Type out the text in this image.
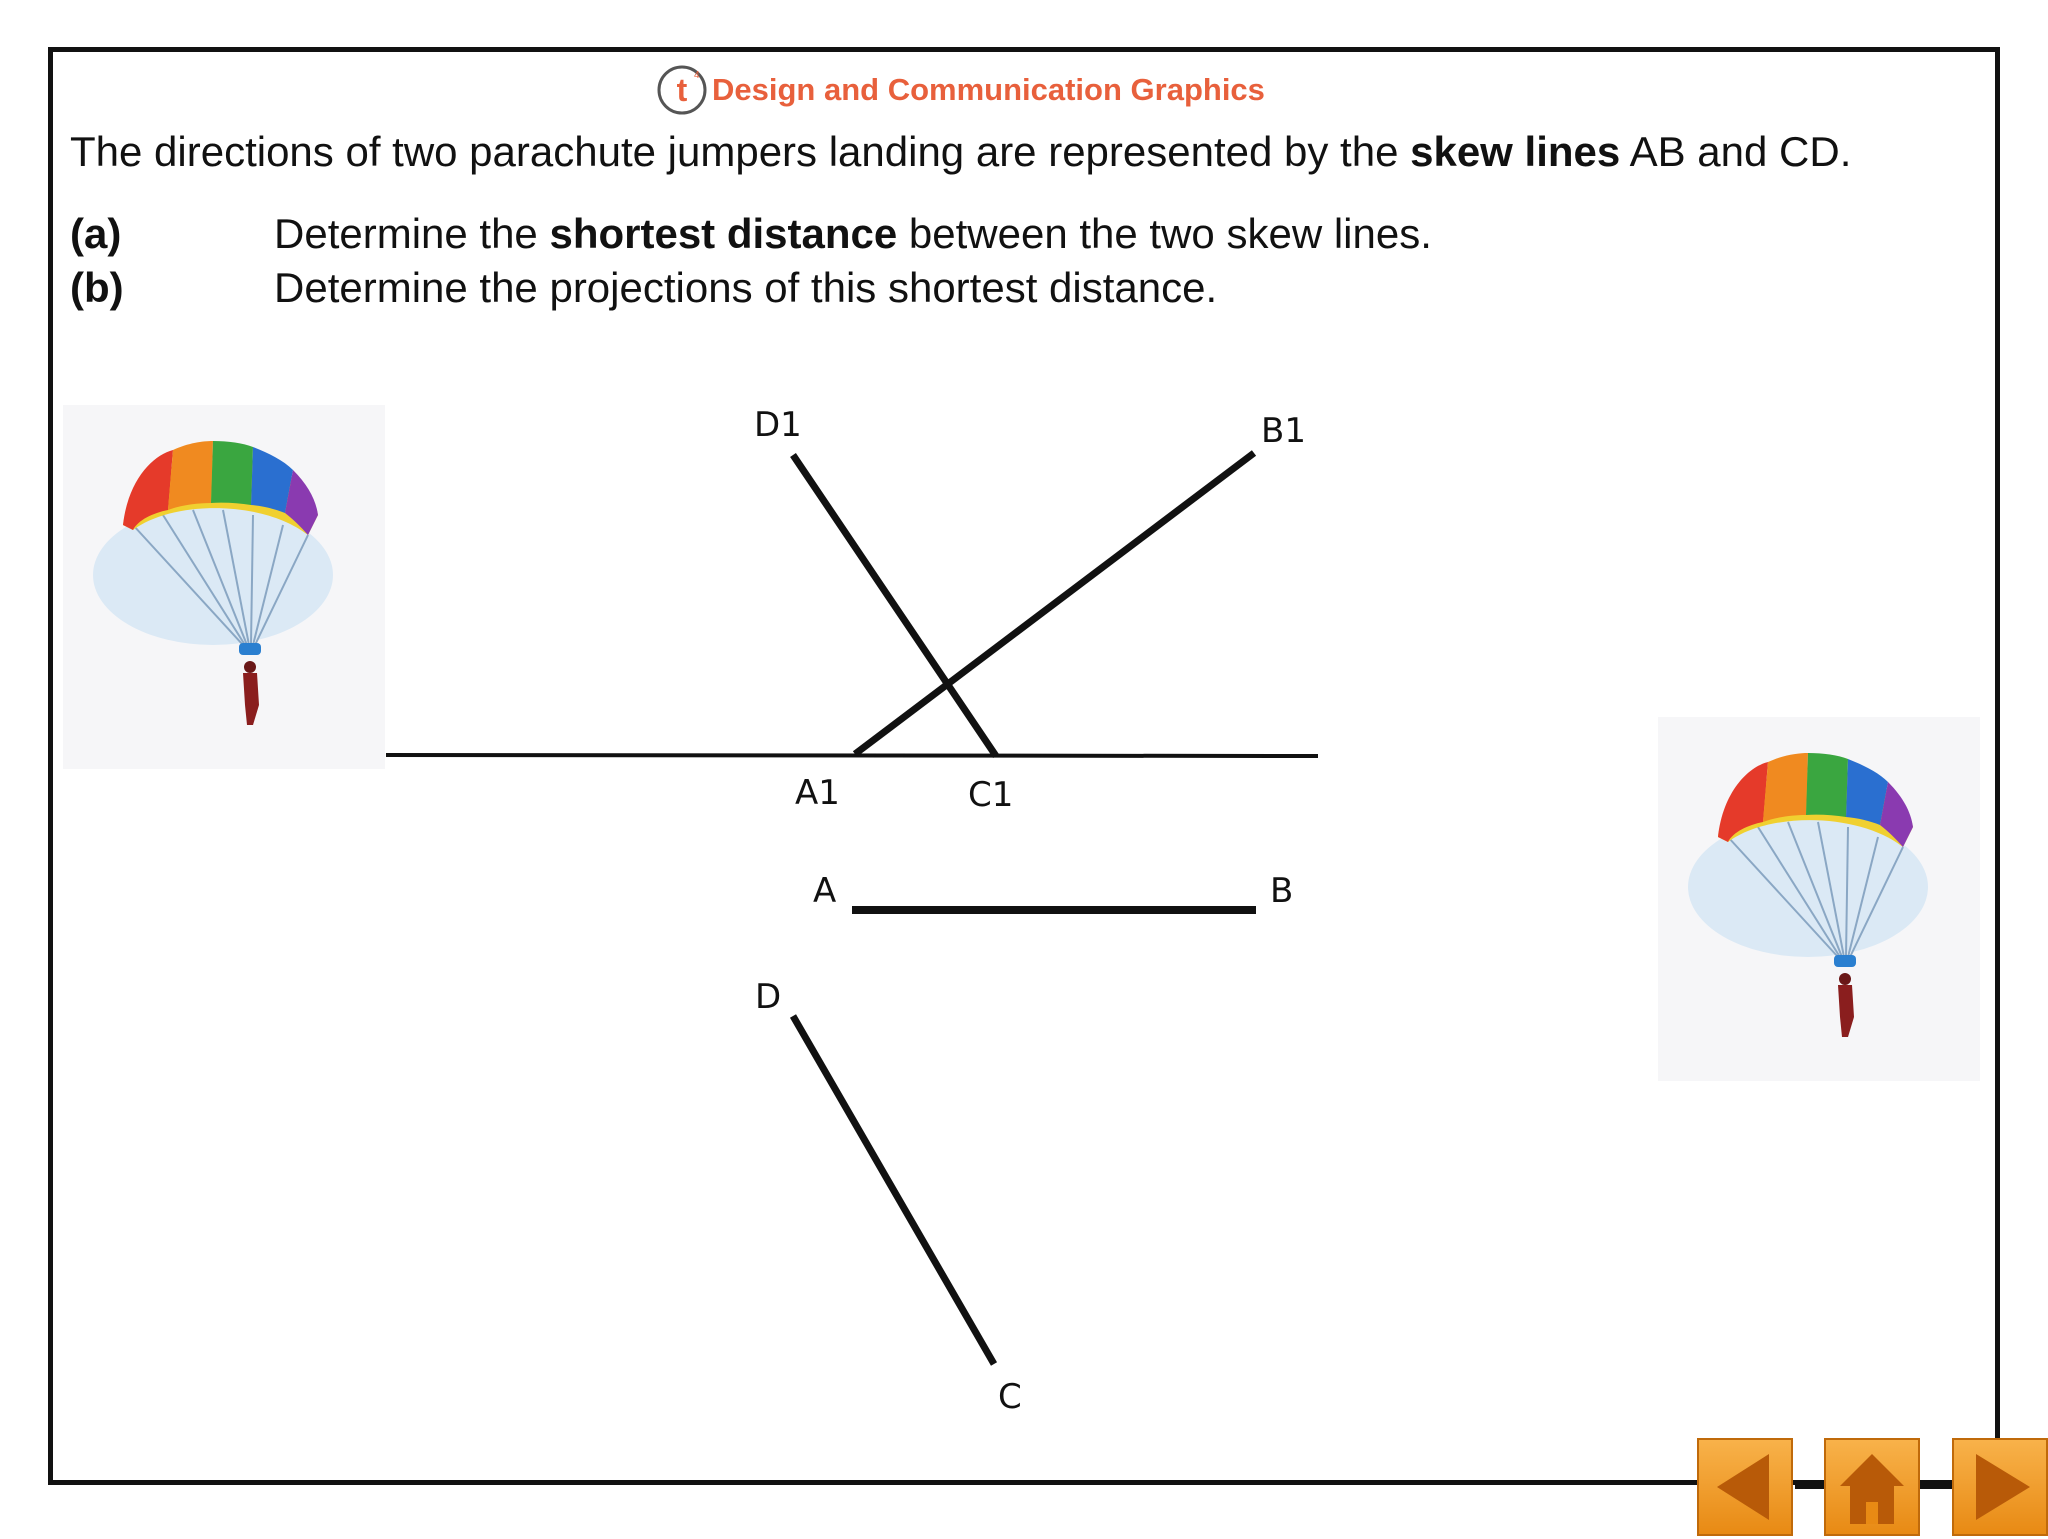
t 4 Design and Communication Graphics
The directions of two parachute jumpers landing are represented by the skew lines AB and CD.
(a)	Determine the shortest distance between the two skew lines.
(b)	Determine the projections of this shortest distance.
D1	B1
A1	C1
A	B
D
C
